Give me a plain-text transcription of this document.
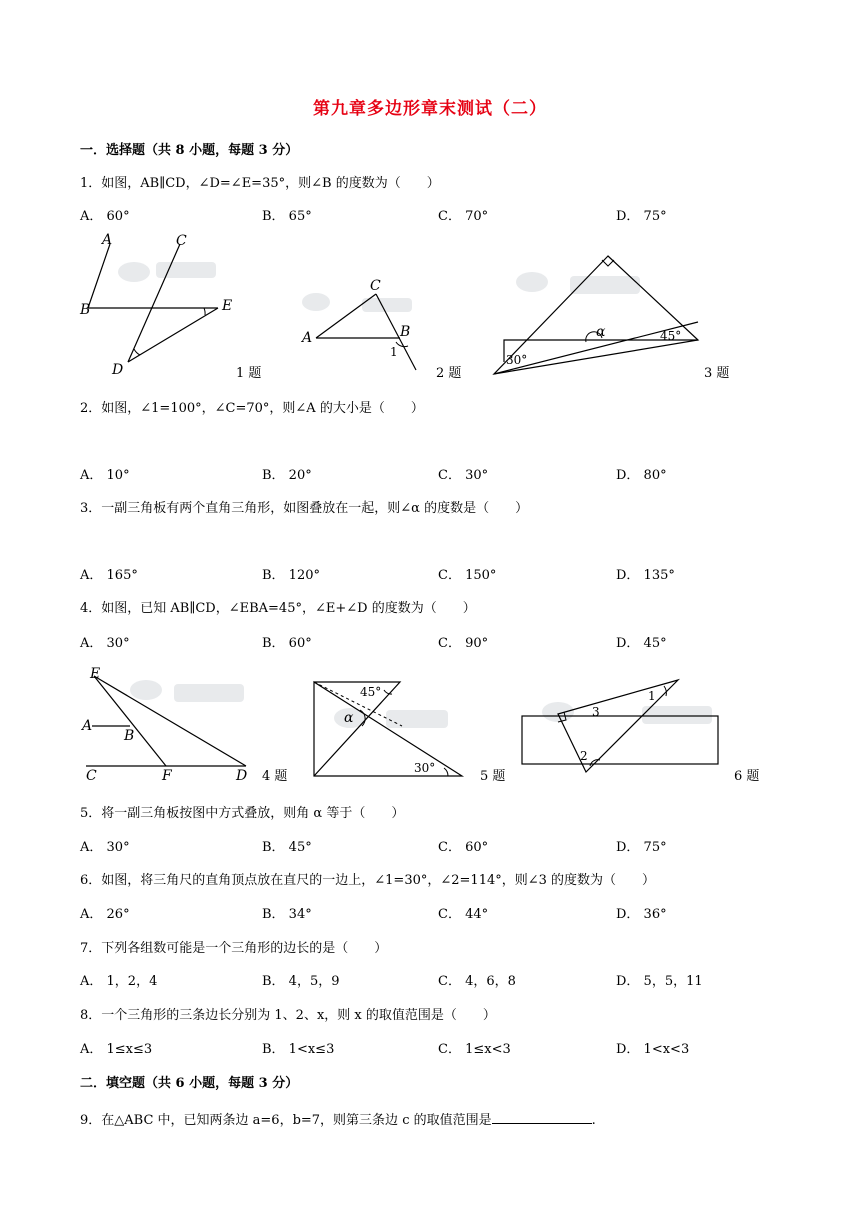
第九章多边形章末测试（二）
一．选择题（共 8 小题，每题 3 分）
1．如图，AB∥CD，∠D=∠E=35°，则∠B 的度数为（　　）
A． 60°	B． 65°	C． 70°	D． 75°
A
B
C
D
E
1 题
A	B
C
1
2 题
α	45°
30°
3 题
2．如图，∠1=100°，∠C=70°，则∠A 的大小是（　　）
A． 10°	B． 20°	C． 30°	D． 80°
3．一副三角板有两个直角三角形，如图叠放在一起，则∠α 的度数是（　　）
A． 165°	B． 120°	C． 150°	D． 135°
4．如图，已知 AB∥CD，∠EBA=45°，∠E+∠D 的度数为（　　）
A． 30°	B． 60°	C． 90°	D． 45°
E
A
B
C	F	D 4 题
45°
α
30°
5 题
1
2
3
6 题
5．将一副三角板按图中方式叠放，则角 α 等于（　　）
A． 30°	B． 45°	C． 60°	D． 75°
6．如图，将三角尺的直角顶点放在直尺的一边上，∠1=30°，∠2=114°，则∠3 的度数为（　　）
A． 26°	B． 34°	C． 44°	D． 36°
7．下列各组数可能是一个三角形的边长的是（　　）
A． 1，2，4	B． 4，5，9	C． 4，6，8	D． 5，5，11
8．一个三角形的三条边长分别为 1、2、x，则 x 的取值范围是（　　）
A． 1≤x≤3	B． 1<x≤3	C． 1≤x<3	D． 1<x<3
二．填空题（共 6 小题，每题 3 分）
9．在△ABC 中，已知两条边 a=6，b=7，则第三条边 c 的取值范围是	.
